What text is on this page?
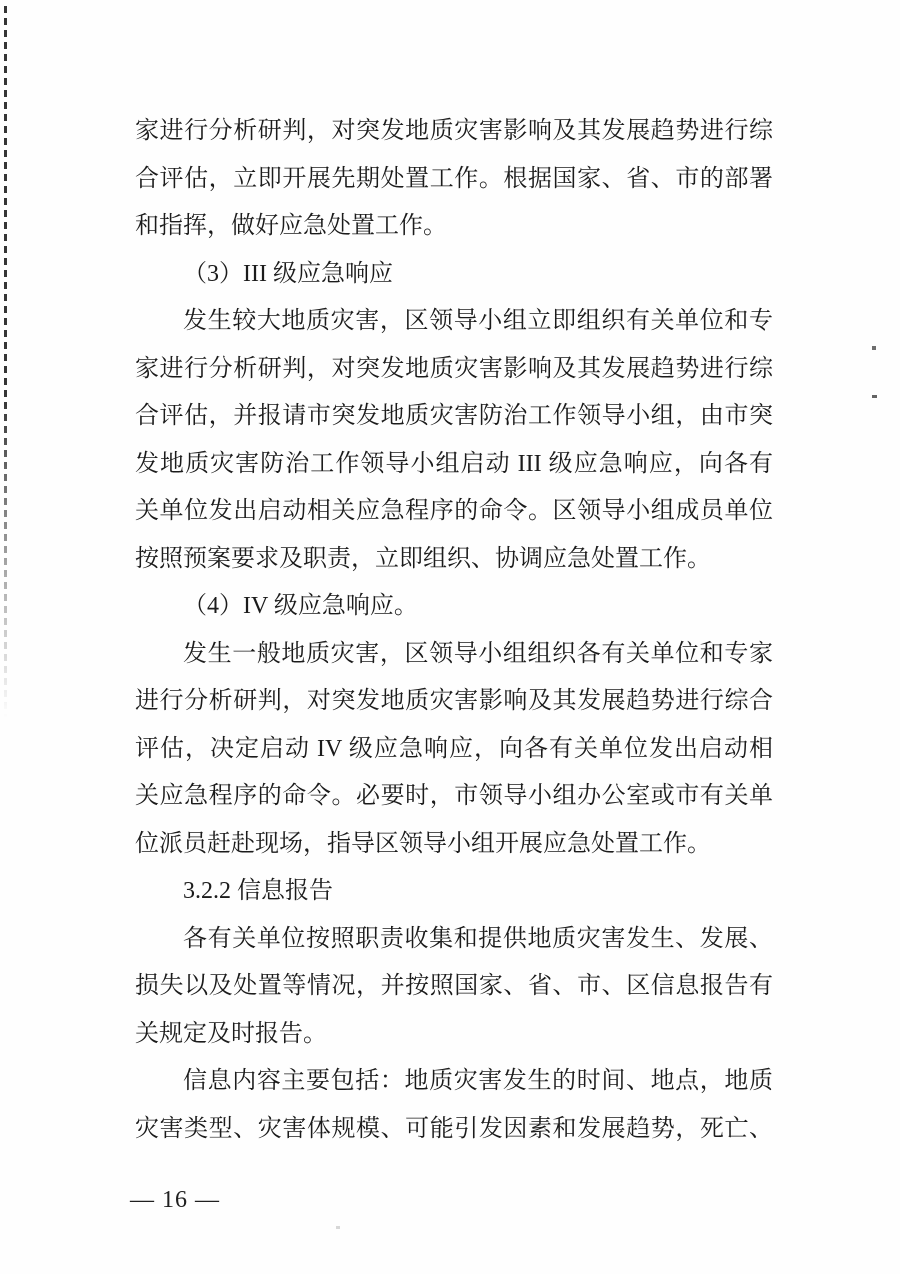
家进行分析研判，对突发地质灾害影响及其发展趋势进行综
合评估，立即开展先期处置工作。根据国家、省、市的部署
和指挥，做好应急处置工作。
（3）III 级应急响应
发生较大地质灾害，区领导小组立即组织有关单位和专
家进行分析研判，对突发地质灾害影响及其发展趋势进行综
合评估，并报请市突发地质灾害防治工作领导小组，由市突
发地质灾害防治工作领导小组启动 III 级应急响应，向各有
关单位发出启动相关应急程序的命令。区领导小组成员单位
按照预案要求及职责，立即组织、协调应急处置工作。
（4）IV 级应急响应。
发生一般地质灾害，区领导小组组织各有关单位和专家
进行分析研判，对突发地质灾害影响及其发展趋势进行综合
评估，决定启动 IV 级应急响应，向各有关单位发出启动相
关应急程序的命令。必要时，市领导小组办公室或市有关单
位派员赶赴现场，指导区领导小组开展应急处置工作。
3.2.2 信息报告
各有关单位按照职责收集和提供地质灾害发生、发展、
损失以及处置等情况，并按照国家、省、市、区信息报告有
关规定及时报告。
信息内容主要包括：地质灾害发生的时间、地点，地质
灾害类型、灾害体规模、可能引发因素和发展趋势，死亡、
— 16 —
